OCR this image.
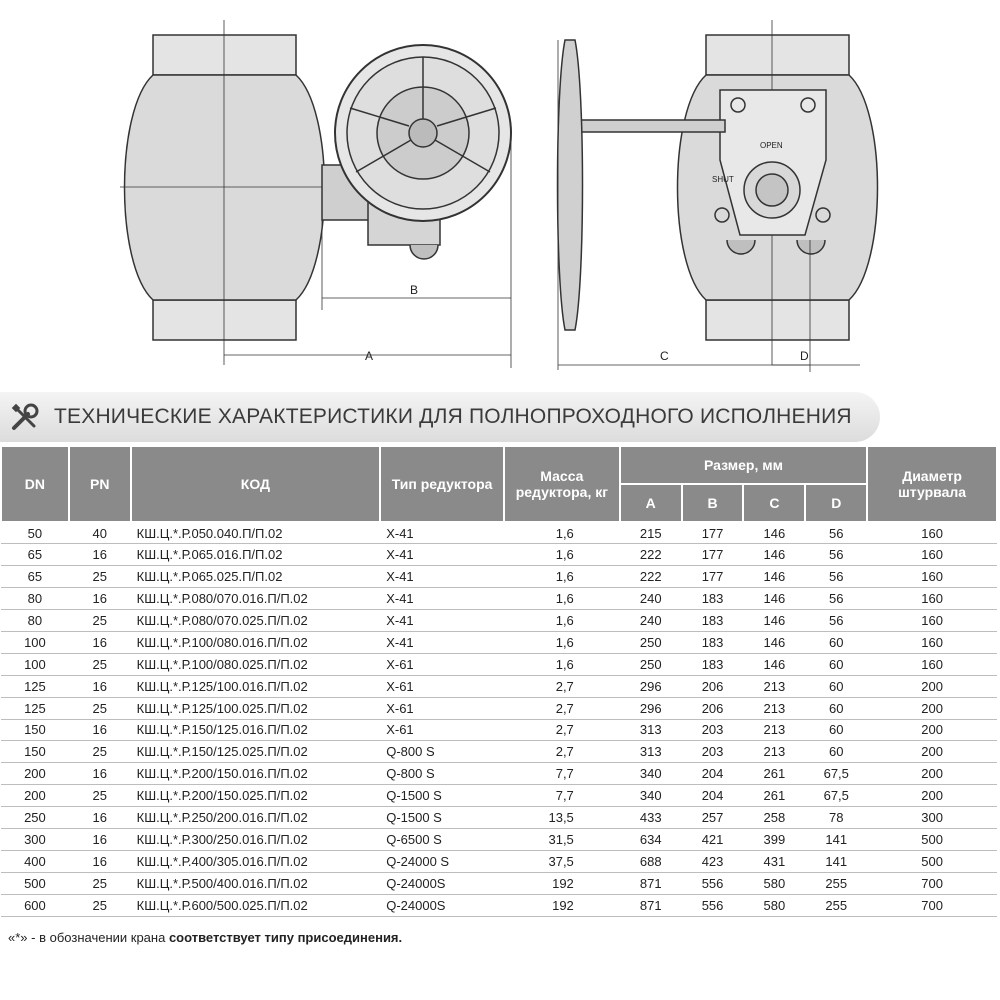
B
A	C	D
OPEN
SHUT
ТЕХНИЧЕСКИЕ ХАРАКТЕРИСТИКИ ДЛЯ ПОЛНОПРОХОДНОГО ИСПОЛНЕНИЯ
DN	PN	КОД	Тип редуктора	Масса редуктора, кг	Размер, мм				Диаметр штурвала
					A	B	C	D	
50	40	КШ.Ц.*.Р.050.040.П/П.02	X-41	1,6	215	177	146	56	160
65	16	КШ.Ц.*.Р.065.016.П/П.02	X-41	1,6	222	177	146	56	160
65	25	КШ.Ц.*.Р.065.025.П/П.02	X-41	1,6	222	177	146	56	160
80	16	КШ.Ц.*.Р.080/070.016.П/П.02	X-41	1,6	240	183	146	56	160
80	25	КШ.Ц.*.Р.080/070.025.П/П.02	X-41	1,6	240	183	146	56	160
100	16	КШ.Ц.*.Р.100/080.016.П/П.02	X-41	1,6	250	183	146	60	160
100	25	КШ.Ц.*.Р.100/080.025.П/П.02	X-61	1,6	250	183	146	60	160
125	16	КШ.Ц.*.Р.125/100.016.П/П.02	X-61	2,7	296	206	213	60	200
125	25	КШ.Ц.*.Р.125/100.025.П/П.02	X-61	2,7	296	206	213	60	200
150	16	КШ.Ц.*.Р.150/125.016.П/П.02	X-61	2,7	313	203	213	60	200
150	25	КШ.Ц.*.Р.150/125.025.П/П.02	Q-800 S	2,7	313	203	213	60	200
200	16	КШ.Ц.*.Р.200/150.016.П/П.02	Q-800 S	7,7	340	204	261	67,5	200
200	25	КШ.Ц.*.Р.200/150.025.П/П.02	Q-1500 S	7,7	340	204	261	67,5	200
250	16	КШ.Ц.*.Р.250/200.016.П/П.02	Q-1500 S	13,5	433	257	258	78	300
300	16	КШ.Ц.*.Р.300/250.016.П/П.02	Q-6500 S	31,5	634	421	399	141	500
400	16	КШ.Ц.*.Р.400/305.016.П/П.02	Q-24000 S	37,5	688	423	431	141	500
500	25	КШ.Ц.*.Р.500/400.016.П/П.02	Q-24000S	192	871	556	580	255	700
600	25	КШ.Ц.*.Р.600/500.025.П/П.02	Q-24000S	192	871	556	580	255	700
«*» - в обозначении крана соответствует типу присоединения.
